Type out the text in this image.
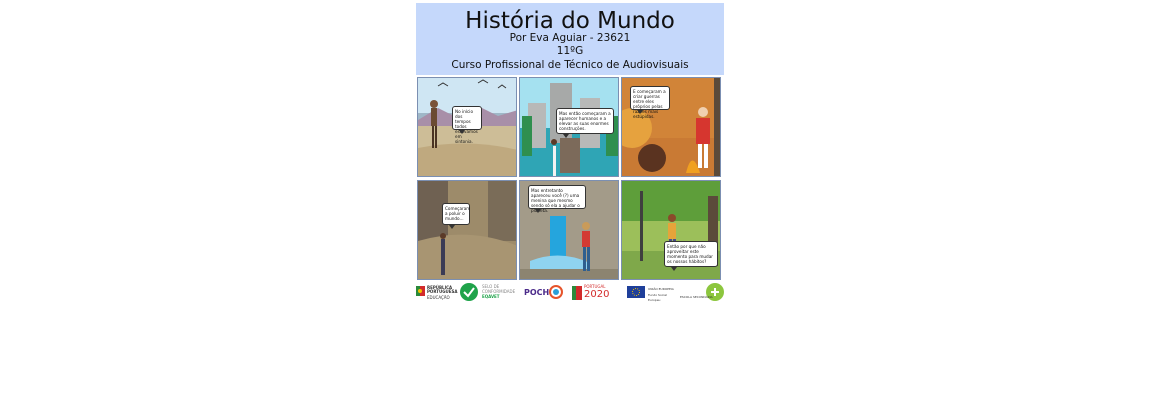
História do Mundo
Por Eva Aguiar - 23621
11ºG
Curso Profissional de Técnico de Audiovisuais
No início dos tempos todos estávamos em sintonia.
Mas então começaram a aparecer humanos e a elevar as suas enormes construções.
E começaram a criar guerras entre eles próprios pelas razões mais estúpidas.
Começaram a poluir o mundo...
Mas entretanto apareceu você (?) uma menina que mesmo sendo só ela a ajudar o planeta.
Então por que não aproveitar este momento para mudar os nossos hábitos?
REPÚBLICA
PORTUGUESA
EDUCAÇÃO
SELO DE
CONFORMIDADE
EQAVET	POCH
PORTUGAL
2020	UNIÃO EUROPEIA
Fundo Social Europeu
ESCOLA SECUNDÁRIA
